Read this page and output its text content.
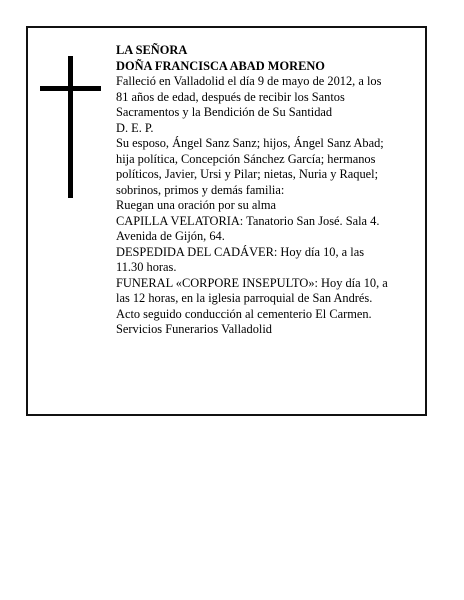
LA SEÑORA

DOÑA FRANCISCA ABAD MORENO

Falleció en Valladolid el día 9 de mayo de 2012, a los

81 años de edad, después de recibir los Santos

Sacramentos y la Bendición de Su Santidad

D. E. P.

Su esposo, Ángel Sanz Sanz; hijos, Ángel Sanz Abad;

hija política, Concepción Sánchez García; hermanos

políticos, Javier, Ursi y Pilar; nietas, Nuria y Raquel;

sobrinos, primos y demás familia:

Ruegan una oración por su alma

CAPILLA VELATORIA: Tanatorio San José. Sala 4.

Avenida de Gijón, 64.

DESPEDIDA DEL CADÁVER: Hoy día 10, a las

11.30 horas.

FUNERAL «CORPORE INSEPULTO»: Hoy día 10, a

las 12 horas, en la iglesia parroquial de San Andrés.

Acto seguido conducción al cementerio El Carmen.

Servicios Funerarios Valladolid
